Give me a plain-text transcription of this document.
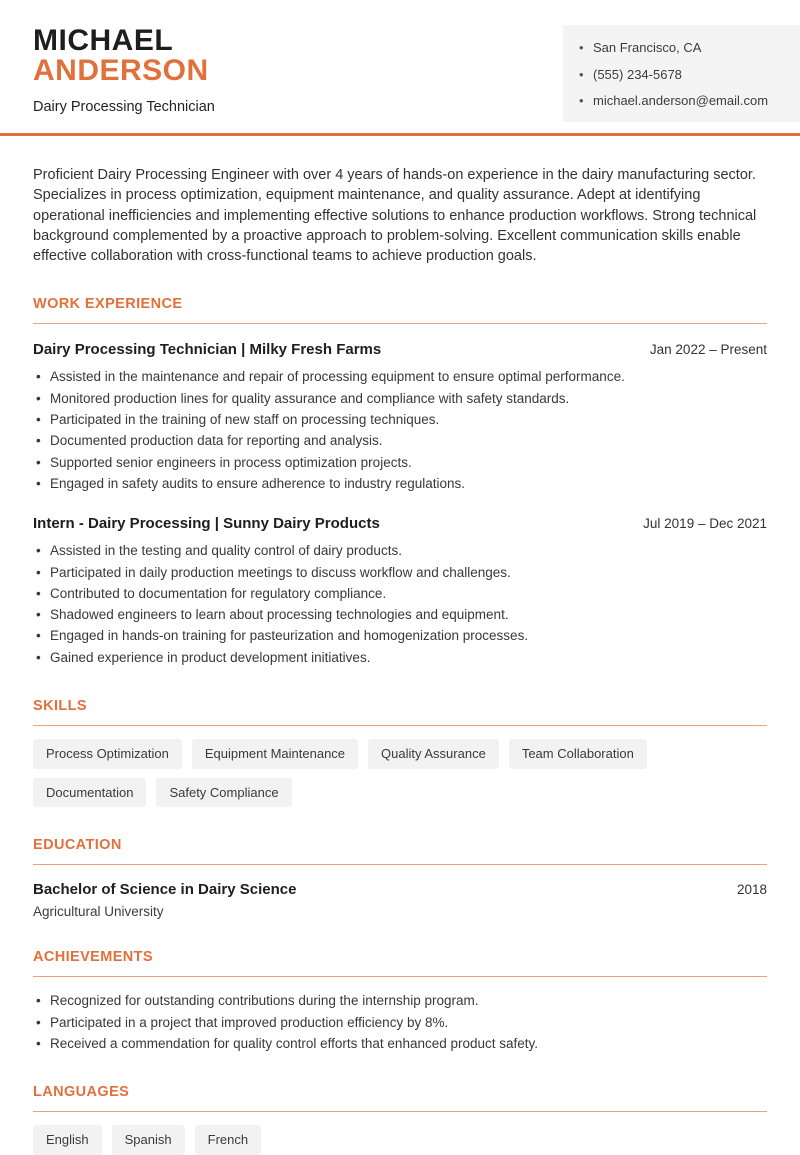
MICHAEL
ANDERSON
Dairy Processing Technician
• San Francisco, CA
• (555) 234-5678
• michael.anderson@email.com

Proficient Dairy Processing Engineer with over 4 years of hands-on experience in the dairy manufacturing sector. Specializes in process optimization, equipment maintenance, and quality assurance. Adept at identifying operational inefficiencies and implementing effective solutions to enhance production workflows. Strong technical background complemented by a proactive approach to problem-solving. Excellent communication skills enable effective collaboration with cross-functional teams to achieve production goals.

WORK EXPERIENCE
Dairy Processing Technician | Milky Fresh Farms	Jan 2022 – Present
• Assisted in the maintenance and repair of processing equipment to ensure optimal performance.
• Monitored production lines for quality assurance and compliance with safety standards.
• Participated in the training of new staff on processing techniques.
• Documented production data for reporting and analysis.
• Supported senior engineers in process optimization projects.
• Engaged in safety audits to ensure adherence to industry regulations.
Intern - Dairy Processing | Sunny Dairy Products	Jul 2019 – Dec 2021
• Assisted in the testing and quality control of dairy products.
• Participated in daily production meetings to discuss workflow and challenges.
• Contributed to documentation for regulatory compliance.
• Shadowed engineers to learn about processing technologies and equipment.
• Engaged in hands-on training for pasteurization and homogenization processes.
• Gained experience in product development initiatives.
SKILLS
Process Optimization	Equipment Maintenance	Quality Assurance	Team Collaboration
Documentation	Safety Compliance
EDUCATION
Bachelor of Science in Dairy Science	2018
Agricultural University
ACHIEVEMENTS
• Recognized for outstanding contributions during the internship program.
• Participated in a project that improved production efficiency by 8%.
• Received a commendation for quality control efforts that enhanced product safety.
LANGUAGES
English	Spanish	French
